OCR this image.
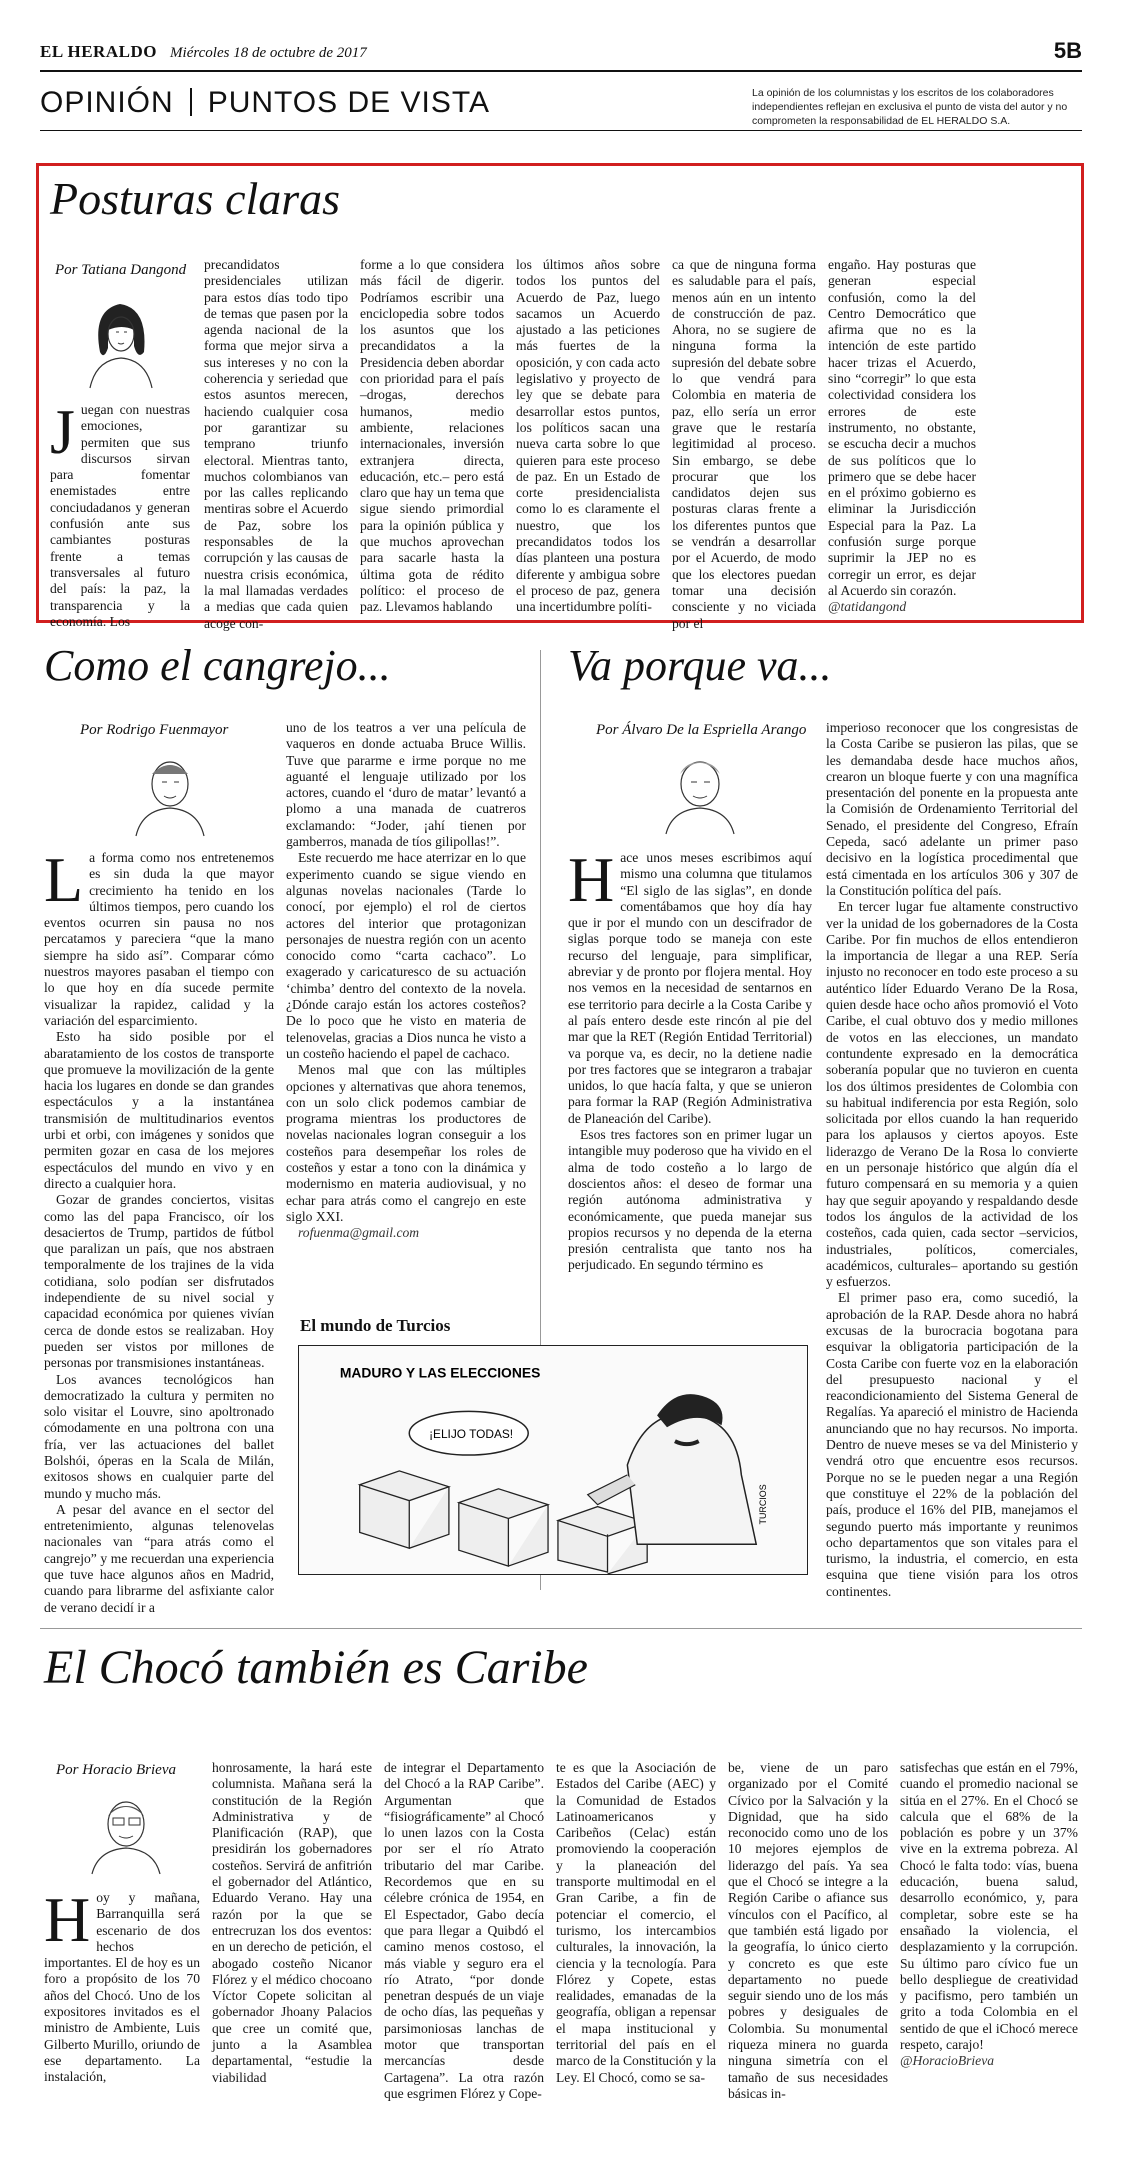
EL HERALDO Miércoles 18 de octubre de 2017	5B
OPINIÓN PUNTOS DE VISTA	La opinión de los columnistas y los escritos de los colaboradores independientes reflejan en exclusiva el punto de vista del autor y no comprometen la responsabilidad de EL HERALDO S.A.
Posturas claras
Por Tatiana Dangond
Juegan con nuestras emociones, permiten que sus discursos sirvan para fomentar enemistades entre conciudadanos y generan confusión ante sus cambiantes posturas frente a temas transversales al futuro del país: la paz, la transparencia y la economía. Los
precandidatos presidenciales utilizan para estos días todo tipo de temas que pasen por la agenda nacional de la forma que mejor sirva a sus intereses y no con la coherencia y seriedad que estos asuntos merecen, haciendo cualquier cosa por garantizar su temprano triunfo electoral. Mientras tanto, muchos colombianos van por las calles replicando mentiras sobre el Acuerdo de Paz, sobre los responsables de la corrupción y las causas de nuestra crisis económica, la mal llamadas verdades a medias que cada quien acoge con-
forme a lo que considera más fácil de digerir. Podríamos escribir una enciclopedia sobre todos los asuntos que los precandidatos a la Presidencia deben abordar con prioridad para el país –drogas, derechos humanos, medio ambiente, relaciones internacionales, inversión extranjera directa, educación, etc.– pero está claro que hay un tema que sigue siendo primordial para la opinión pública y que muchos aprovechan para sacarle hasta la última gota de rédito político: el proceso de paz. Llevamos hablando
los últimos años sobre todos los puntos del Acuerdo de Paz, luego sacamos un Acuerdo ajustado a las peticiones más fuertes de la oposición, y con cada acto legislativo y proyecto de ley que se debate para desarrollar estos puntos, los políticos sacan una nueva carta sobre lo que quieren para este proceso de paz. En un Estado de corte presidencialista como lo es claramente el nuestro, que los precandidatos todos los días planteen una postura diferente y ambigua sobre el proceso de paz, genera una incertidumbre políti-
ca que de ninguna forma es saludable para el país, menos aún en un intento de construcción de paz. Ahora, no se sugiere de ninguna forma la supresión del debate sobre lo que vendrá para Colombia en materia de paz, ello sería un error grave que le restaría legitimidad al proceso. Sin embargo, se debe procurar que los candidatos dejen sus posturas claras frente a los diferentes puntos que se vendrán a desarrollar por el Acuerdo, de modo que los electores puedan tomar una decisión consciente y no viciada por el
engaño. Hay posturas que generan especial confusión, como la del Centro Democrático que afirma que no es la intención de este partido hacer trizas el Acuerdo, sino “corregir” lo que esta colectividad considera los errores de este instrumento, no obstante, se escucha decir a muchos de sus políticos que lo primero que se debe hacer en el próximo gobierno es eliminar la Jurisdicción Especial para la Paz. La confusión surge porque suprimir la JEP no es corregir un error, es dejar al Acuerdo sin corazón.
@tatidangond
Como el cangrejo...
Por Rodrigo Fuenmayor

La forma como nos entretenemos es sin duda la que mayor crecimiento ha tenido en los últimos tiempos, pero cuando los eventos ocurren sin pausa no nos percatamos y pareciera “que la mano siempre ha sido así”. Comparar cómo nuestros mayores pasaban el tiempo con lo que hoy en día sucede permite visualizar la rapidez, calidad y la variación del esparcimiento.

Esto ha sido posible por el abaratamiento de los costos de transporte que promueve la movilización de la gente hacia los lugares en donde se dan grandes espectáculos y a la instantánea transmisión de multitudinarios eventos urbi et orbi, con imágenes y sonidos que permiten gozar en casa de los mejores espectáculos del mundo en vivo y en directo a cualquier hora.

Gozar de grandes conciertos, visitas como las del papa Francisco, oír los desaciertos de Trump, partidos de fútbol que paralizan un país, que nos abstraen temporalmente de los trajines de la vida cotidiana, solo podían ser disfrutados independiente de su nivel social y capacidad económica por quienes vivían cerca de donde estos se realizaban. Hoy pueden ser vistos por millones de personas por transmisiones instantáneas.

Los avances tecnológicos han democratizado la cultura y permiten no solo visitar el Louvre, sino apoltronado cómodamente en una poltrona con una fría, ver las actuaciones del ballet Bolshói, óperas en la Scala de Milán, exitosos shows en cualquier parte del mundo y mucho más.

A pesar del avance en el sector del entretenimiento, algunas telenovelas nacionales van “para atrás como el cangrejo” y me recuerdan una experiencia que tuve hace algunos años en Madrid, cuando para librarme del asfixiante calor de verano decidí ir a

uno de los teatros a ver una película de vaqueros en donde actuaba Bruce Willis. Tuve que pararme e irme porque no me aguanté el lenguaje utilizado por los actores, cuando el ‘duro de matar’ levantó a plomo a una manada de cuatreros exclamando: “Joder, ¡ahí tienen por gamberros, manada de tíos gilipollas!”.

Este recuerdo me hace aterrizar en lo que experimento cuando se sigue viendo en algunas novelas nacionales (Tarde lo conocí, por ejemplo) el rol de ciertos actores del interior que protagonizan personajes de nuestra región con un acento conocido como “carta cachaco”. Lo exagerado y caricaturesco de su actuación ‘chimba’ dentro del contexto de la novela. ¿Dónde carajo están los actores costeños? De lo poco que he visto en materia de telenovelas, gracias a Dios nunca he visto a un costeño haciendo el papel de cachaco.

Menos mal que con las múltiples opciones y alternativas que ahora tenemos, con un solo click podemos cambiar de programa mientras los productores de novelas nacionales logran conseguir a los costeños para desempeñar los roles de costeños y estar a tono con la dinámica y modernismo en materia audiovisual, y no echar para atrás como el cangrejo en este siglo XXI.

rofuenma@gmail.com

Va porque va...
Por Álvaro De la Espriella Arango

Hace unos meses escribimos aquí mismo una columna que titulamos “El siglo de las siglas”, en donde comentábamos que hoy día hay que ir por el mundo con un descifrador de siglas porque todo se maneja con este recurso del lenguaje, para simplificar, abreviar y de pronto por flojera mental. Hoy nos vemos en la necesidad de sentarnos en ese territorio para decirle a la Costa Caribe y al país entero desde este rincón al pie del mar que la RET (Región Entidad Territorial) va porque va, es decir, no la detiene nadie por tres factores que se integraron a trabajar unidos, lo que hacía falta, y que se unieron para formar la RAP (Región Administrativa de Planeación del Caribe).

Esos tres factores son en primer lugar un intangible muy poderoso que ha vivido en el alma de todo costeño a lo largo de doscientos años: el deseo de formar una región autónoma administrativa y económicamente, que pueda manejar sus propios recursos y no dependa de la eterna presión centralista que tanto nos ha perjudicado. En segundo término es

imperioso reconocer que los congresistas de la Costa Caribe se pusieron las pilas, que se les demandaba desde hace muchos años, crearon un bloque fuerte y con una magnífica presentación del ponente en la propuesta ante la Comisión de Ordenamiento Territorial del Senado, el presidente del Congreso, Efraín Cepeda, sacó adelante un primer paso decisivo en la logística procedimental que está cimentada en los artículos 306 y 307 de la Constitución política del país.

En tercer lugar fue altamente constructivo ver la unidad de los gobernadores de la Costa Caribe. Por fin muchos de ellos entendieron la importancia de llegar a una REP. Sería injusto no reconocer en todo este proceso a su auténtico líder Eduardo Verano De la Rosa, quien desde hace ocho años promovió el Voto Caribe, el cual obtuvo dos y medio millones de votos en las elecciones, un mandato contundente expresado en la democrática soberanía popular que no tuvieron en cuenta los dos últimos presidentes de Colombia con su habitual indiferencia por esta Región, solo solicitada por ellos cuando la han requerido para los aplausos y ciertos apoyos. Este liderazgo de Verano De la Rosa lo convierte en un personaje histórico que algún día el futuro compensará en su memoria y a quien hay que seguir apoyando y respaldando desde todos los ángulos de la actividad de los costeños, cada quien, cada sector –servicios, industriales, políticos, comerciales, académicos, culturales– aportando su gestión y esfuerzos.

El primer paso era, como sucedió, la aprobación de la RAP. Desde ahora no habrá excusas de la burocracia bogotana para esquivar la obligatoria participación de la Costa Caribe con fuerte voz en la elaboración del presupuesto nacional y el reacondicionamiento del Sistema General de Regalías. Ya apareció el ministro de Hacienda anunciando que no hay recursos. No importa. Dentro de nueve meses se va del Ministerio y vendrá otro que encuentre esos recursos. Porque no se le pueden negar a una Región que constituye el 22% de la población del país, produce el 16% del PIB, manejamos el segundo puerto más importante y reunimos ocho departamentos que son vitales para el turismo, la industria, el comercio, en esta esquina que tiene visión para los otros continentes.

El mundo de Turcios
MADURO Y LAS ELECCIONES
¡ELIJO TODAS!
TURCIOS
El Chocó también es Caribe
Por Horacio Brieva
Hoy y mañana, Barranquilla será escenario de dos hechos importantes. El de hoy es un foro a propósito de los 70 años del Chocó. Uno de los expositores invitados es el ministro de Ambiente, Luis Gilberto Murillo, oriundo de ese departamento. La instalación,
honrosamente, la hará este columnista. Mañana será la constitución de la Región Administrativa y de Planificación (RAP), que presidirán los gobernadores costeños. Servirá de anfitrión el gobernador del Atlántico, Eduardo Verano. Hay una razón por la que se entrecruzan los dos eventos: en un derecho de petición, el abogado costeño Nicanor Flórez y el médico chocoano Víctor Copete solicitan al gobernador Jhoany Palacios que cree un comité que, junto a la Asamblea departamental, “estudie la viabilidad
de integrar el Departamento del Chocó a la RAP Caribe”. Argumentan que “fisiográficamente” al Chocó lo unen lazos con la Costa por ser el río Atrato tributario del mar Caribe. Recordemos que en su célebre crónica de 1954, en El Espectador, Gabo decía que para llegar a Quibdó el camino menos costoso, el más viable y seguro era el río Atrato, “por donde penetran después de un viaje de ocho días, las pequeñas y parsimoniosas lanchas de motor que transportan mercancías desde Cartagena”. La otra razón que esgrimen Flórez y Cope-
te es que la Asociación de Estados del Caribe (AEC) y la Comunidad de Estados Latinoamericanos y Caribeños (Celac) están promoviendo la cooperación y la planeación del transporte multimodal en el Gran Caribe, a fin de potenciar el comercio, el turismo, los intercambios culturales, la innovación, la ciencia y la tecnología. Para Flórez y Copete, estas realidades, emanadas de la geografía, obligan a repensar el mapa institucional y territorial del país en el marco de la Constitución y la Ley. El Chocó, como se sa-
be, viene de un paro organizado por el Comité Cívico por la Salvación y la Dignidad, que ha sido reconocido como uno de los 10 mejores ejemplos de liderazgo del país. Ya sea que el Chocó se integre a la Región Caribe o afiance sus vínculos con el Pacífico, al que también está ligado por la geografía, lo único cierto y concreto es que este departamento no puede seguir siendo uno de los más pobres y desiguales de Colombia. Su monumental riqueza minera no guarda ninguna simetría con el tamaño de sus necesidades básicas in-
satisfechas que están en el 79%, cuando el promedio nacional se sitúa en el 27%. En el Chocó se calcula que el 68% de la población es pobre y un 37% vive en la extrema pobreza. Al Chocó le falta todo: vías, buena educación, buena salud, desarrollo económico, y, para completar, sobre este se ha ensañado la violencia, el desplazamiento y la corrupción. Su último paro cívico fue un bello despliegue de creatividad y pacifismo, pero también un grito a toda Colombia en el sentido de que el iChocó merece respeto, carajo!
@HoracioBrieva
